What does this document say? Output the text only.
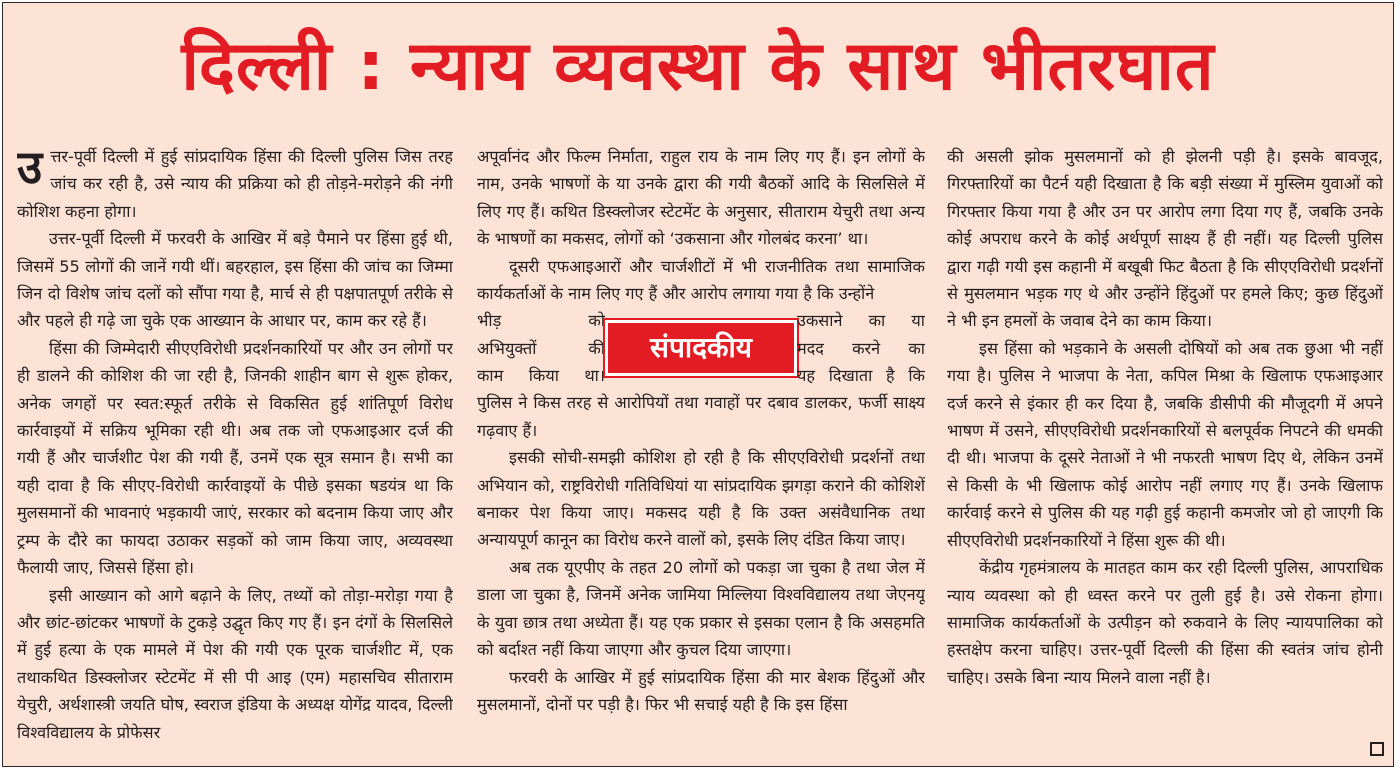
दिल्ली : न्याय व्यवस्था के साथ भीतरघात

उत्तर-पूर्वी दिल्ली में हुई सांप्रदायिक हिंसा की दिल्ली पुलिस जिस तरह जांच कर रही है, उसे न्याय की प्रक्रिया को ही तोड़ने-मरोड़ने की नंगी कोशिश कहना होगा।

उत्तर-पूर्वी दिल्ली में फरवरी के आखिर में बड़े पैमाने पर हिंसा हुई थी, जिसमें 55 लोगों की जानें गयी थीं। बहरहाल, इस हिंसा की जांच का जिम्मा जिन दो विशेष जांच दलों को सौंपा गया है, मार्च से ही पक्षपातपूर्ण तरीके से और पहले ही गढ़े जा चुके एक आख्यान के आधार पर, काम कर रहे हैं।

हिंसा की जिम्मेदारी सीएएविरोधी प्रदर्शनकारियों पर और उन लोगों पर ही डालने की कोशिश की जा रही है, जिनकी शाहीन बाग से शुरू होकर, अनेक जगहों पर स्वत:स्फूर्त तरीके से विकसित हुई शांतिपूर्ण विरोध कार्रवाइयों में सक्रिय भूमिका रही थी। अब तक जो एफआइआर दर्ज की गयी हैं और चार्जशीट पेश की गयी हैं, उनमें एक सूत्र समान है। सभी का यही दावा है कि सीएए-विरोधी कार्रवाइयों के पीछे इसका षडयंत्र था कि मुलसमानों की भावनाएं भड़कायी जाएं, सरकार को बदनाम किया जाए और ट्रम्प के दौरे का फायदा उठाकर सड़कों को जाम किया जाए, अव्यवस्था फैलायी जाए, जिससे हिंसा हो।

इसी आख्यान को आगे बढ़ाने के लिए, तथ्यों को तोड़ा-मरोड़ा गया है और छांट-छांटकर भाषणों के टुकड़े उद्घृत किए गए हैं। इन दंगों के सिलसिले में हुई हत्या के एक मामले में पेश की गयी एक पूरक चार्जशीट में, एक तथाकथित डिस्क्लोजर स्टेटमेंट में सी पी आइ (एम) महासचिव सीताराम येचुरी, अर्थशास्त्री जयति घोष, स्वराज इंडिया के अध्यक्ष योगेंद्र यादव, दिल्ली विश्वविद्यालय के प्रोफेसर

अपूर्वानंद और फिल्म निर्माता, राहुल राय के नाम लिए गए हैं। इन लोगों के नाम, उनके भाषणों के या उनके द्वारा की गयी बैठकों आदि के सिलसिले में लिए गए हैं। कथित डिस्क्लोजर स्टेटमेंट के अनुसार, सीताराम येचुरी तथा अन्य के भाषणों का मकसद, लोगों को ‘उकसाना और गोलबंद करना’ था।

दूसरी एफआइआरों और चार्जशीटों में भी राजनीतिक तथा सामाजिक कार्यकर्ताओं के नाम लिए गए हैं और आरोप लगाया गया है कि उन्होंने

भीड़ को
अभियुक्तों की
काम किया था।
संपादकीय
उकसाने का या
मदद करने का
यह दिखाता है कि

पुलिस ने किस तरह से आरोपियों तथा गवाहों पर दबाव डालकर, फर्जी साक्ष्य गढ़वाए हैं।

इसकी सोची-समझी कोशिश हो रही है कि सीएएविरोधी प्रदर्शनों तथा अभियान को, राष्ट्रविरोधी गतिविधियां या सांप्रदायिक झगड़ा कराने की कोशिशें बनाकर पेश किया जाए। मकसद यही है कि उक्त असंवैधानिक तथा अन्यायपूर्ण कानून का विरोध करने वालों को, इसके लिए दंडित किया जाए।

अब तक यूएपीए के तहत 20 लोगों को पकड़ा जा चुका है तथा जेल में डाला जा चुका है, जिनमें अनेक जामिया मिल्लिया विश्वविद्यालय तथा जेएनयू के युवा छात्र तथा अध्येता हैं। यह एक प्रकार से इसका एलान है कि असहमति को बर्दाश्त नहीं किया जाएगा और कुचल दिया जाएगा।

फरवरी के आखिर में हुई सांप्रदायिक हिंसा की मार बेशक हिंदुओं और मुसलमानों, दोनों पर पड़ी है। फिर भी सचाई यही है कि इस हिंसा

की असली झोक मुसलमानों को ही झेलनी पड़ी है। इसके बावजूद, गिरफ्तारियों का पैटर्न यही दिखाता है कि बड़ी संख्या में मुस्लिम युवाओं को गिरफ्तार किया गया है और उन पर आरोप लगा दिया गए हैं, जबकि उनके कोई अपराध करने के कोई अर्थपूर्ण साक्ष्य हैं ही नहीं। यह दिल्ली पुलिस द्वारा गढ़ी गयी इस कहानी में बखूबी फिट बैठता है कि सीएएविरोधी प्रदर्शनों से मुसलमान भड़क गए थे और उन्होंने हिंदुओं पर हमले किए; कुछ हिंदुओं ने भी इन हमलों के जवाब देने का काम किया।

इस हिंसा को भड़काने के असली दोषियों को अब तक छुआ भी नहीं गया है। पुलिस ने भाजपा के नेता, कपिल मिश्रा के खिलाफ एफआइआर दर्ज करने से इंकार ही कर दिया है, जबकि डीसीपी की मौजूदगी में अपने भाषण में उसने, सीएएविरोधी प्रदर्शनकारियों से बलपूर्वक निपटने की धमकी दी थी। भाजपा के दूसरे नेताओं ने भी नफरती भाषण दिए थे, लेकिन उनमें से किसी के भी खिलाफ कोई आरोप नहीं लगाए गए हैं। उनके खिलाफ कार्रवाई करने से पुलिस की यह गढ़ी हुई कहानी कमजोर जो हो जाएगी कि सीएएविरोधी प्रदर्शनकारियों ने हिंसा शुरू की थी।

केंद्रीय गृहमंत्रालय के मातहत काम कर रही दिल्ली पुलिस, आपराधिक न्याय व्यवस्था को ही ध्वस्त करने पर तुली हुई है। उसे रोकना होगा। सामाजिक कार्यकर्ताओं के उत्पीड़न को रुकवाने के लिए न्यायपालिका को हस्तक्षेप करना चाहिए। उत्तर-पूर्वी दिल्ली की हिंसा की स्वतंत्र जांच होनी चाहिए। उसके बिना न्याय मिलने वाला नहीं है।
